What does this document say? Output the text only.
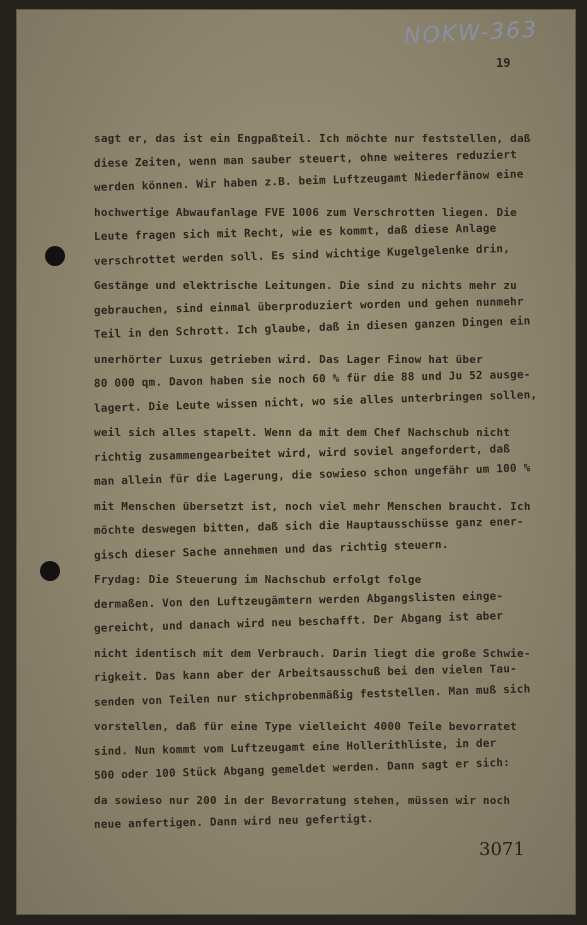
NOKW-363
19
sagt er, das ist ein Engpaßteil. Ich möchte nur feststellen, daß
diese Zeiten, wenn man sauber steuert, ohne weiteres reduziert
werden können. Wir haben z.B. beim Luftzeugamt Niederfänow eine
hochwertige Abwaufanlage FVE 1006 zum Verschrotten liegen. Die
Leute fragen sich mit Recht, wie es kommt, daß diese Anlage
verschrottet werden soll. Es sind wichtige Kugelgelenke drin,
Gestänge und elektrische Leitungen. Die sind zu nichts mehr zu
gebrauchen, sind einmal überproduziert worden und gehen nunmehr
Teil in den Schrott. Ich glaube, daß in diesen ganzen Dingen ein
unerhörter Luxus getrieben wird. Das Lager Finow hat über
80 000 qm. Davon haben sie noch 60 % für die 88 und Ju 52 ausge-
lagert. Die Leute wissen nicht, wo sie alles unterbringen sollen,
weil sich alles stapelt. Wenn da mit dem Chef Nachschub nicht
richtig zusammengearbeitet wird, wird soviel angefordert, daß
man allein für die Lagerung, die sowieso schon ungefähr um 100 %
mit Menschen übersetzt ist, noch viel mehr Menschen braucht. Ich
möchte deswegen bitten, daß sich die Hauptausschüsse ganz ener-
gisch dieser Sache annehmen und das richtig steuern.
Frydag: Die Steuerung im Nachschub erfolgt folge
dermaßen. Von den Luftzeugämtern werden Abgangslisten eingе-
gereicht, und danach wird neu beschafft. Der Abgang ist aber
nicht identisch mit dem Verbrauch. Darin liegt die große Schwie-
rigkeit. Das kann aber der Arbeitsausschuß bei den vielen Tau-
senden von Teilen nur stichprobenmäßig feststellen. Man muß sich
vorstellen, daß für eine Type vielleicht 4000 Teile bevorratet
sind. Nun kommt vom Luftzeugamt eine Hollerithliste, in der
500 oder 100 Stück Abgang gemeldet werden. Dann sagt er sich:
da sowieso nur 200 in der Bevorratung stehen, müssen wir noch
neue anfertigen. Dann wird neu gefertigt.
3071
